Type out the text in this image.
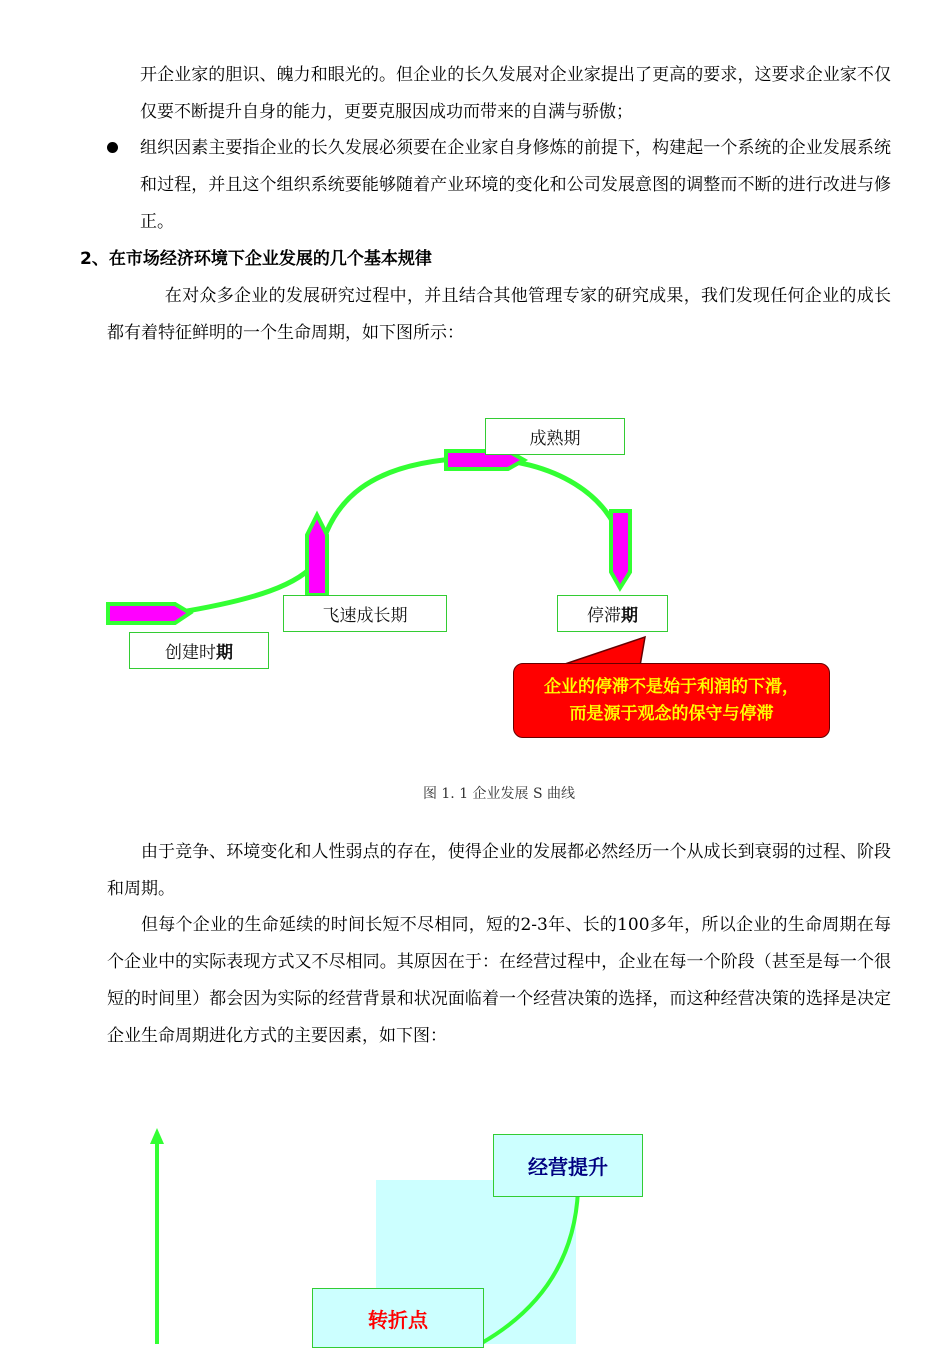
开企业家的胆识、魄力和眼光的。但企业的长久发展对企业家提出了更高的要求，这要求企业家不仅仅要不断提升自身的能力，更要克服因成功而带来的自满与骄傲；

组织因素主要指企业的长久发展必须要在企业家自身修炼的前提下，构建起一个系统的企业发展系统和过程，并且这个组织系统要能够随着产业环境的变化和公司发展意图的调整而不断的进行改进与修正。

2、在市场经济环境下企业发展的几个基本规律

在对众多企业的发展研究过程中，并且结合其他管理专家的研究成果，我们发现任何企业的成长都有着特征鲜明的一个生命周期，如下图所示：

成熟期
飞速成长期	停滞 期
创建时 期
企业的停滞不是始于利润的下滑，
而是源于观念的保守与停滞
图 1. 1 企业发展 S 曲线

由于竞争、环境变化和人性弱点的存在，使得企业的发展都必然经历一个从成长到衰弱的过程、阶段和周期。

但每个企业的生命延续的时间长短不尽相同，短的2-3年、长的100多年，所以企业的生命周期在每个企业中的实际表现方式又不尽相同。其原因在于：在经营过程中，企业在每一个阶段（甚至是每一个很短的时间里）都会因为实际的经营背景和状况面临着一个经营决策的选择，而这种经营决策的选择是决定企业生命周期进化方式的主要因素，如下图：

经营提升
转折点
